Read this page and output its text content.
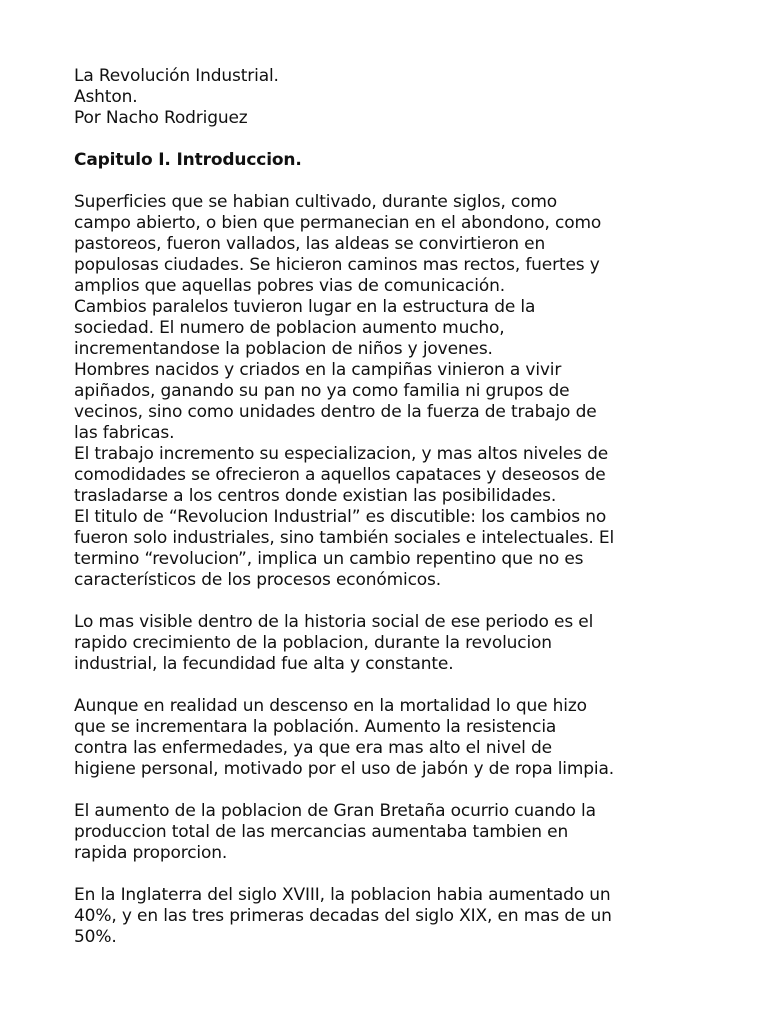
La Revolución Industrial.
Ashton.
Por Nacho Rodriguez
Capitulo I. Introduccion.
Superficies que se habian cultivado, durante siglos, como
campo abierto, o bien que permanecian en el abondono, como
pastoreos, fueron vallados, las aldeas se convirtieron en
populosas ciudades. Se hicieron caminos mas rectos, fuertes y
amplios que aquellas pobres vias de comunicación.
Cambios paralelos tuvieron lugar en la estructura de la
sociedad. El numero de poblacion aumento mucho,
incrementandose la poblacion de niños y jovenes.
Hombres nacidos y criados en la campiñas vinieron a vivir
apiñados, ganando su pan no ya como familia ni grupos de
vecinos, sino como unidades dentro de la fuerza de trabajo de
las fabricas.
El trabajo incremento su especializacion, y mas altos niveles de
comodidades se ofrecieron a aquellos capataces y deseosos de
trasladarse a los centros donde existian las posibilidades.
El titulo de “Revolucion Industrial” es discutible: los cambios no
fueron solo industriales, sino también sociales e intelectuales. El
termino “revolucion”, implica un cambio repentino que no es
característicos de los procesos económicos.
Lo mas visible dentro de la historia social de ese periodo es el
rapido crecimiento de la poblacion, durante la revolucion
industrial, la fecundidad fue alta y constante.
Aunque en realidad un descenso en la mortalidad lo que hizo
que se incrementara la población. Aumento la resistencia
contra las enfermedades, ya que era mas alto el nivel de
higiene personal, motivado por el uso de jabón y de ropa limpia.
El aumento de la poblacion de Gran Bretaña ocurrio cuando la
produccion total de las mercancias aumentaba tambien en
rapida proporcion.
En la Inglaterra del siglo XVIII, la poblacion habia aumentado un
40%, y en las tres primeras decadas del siglo XIX, en mas de un
50%.
